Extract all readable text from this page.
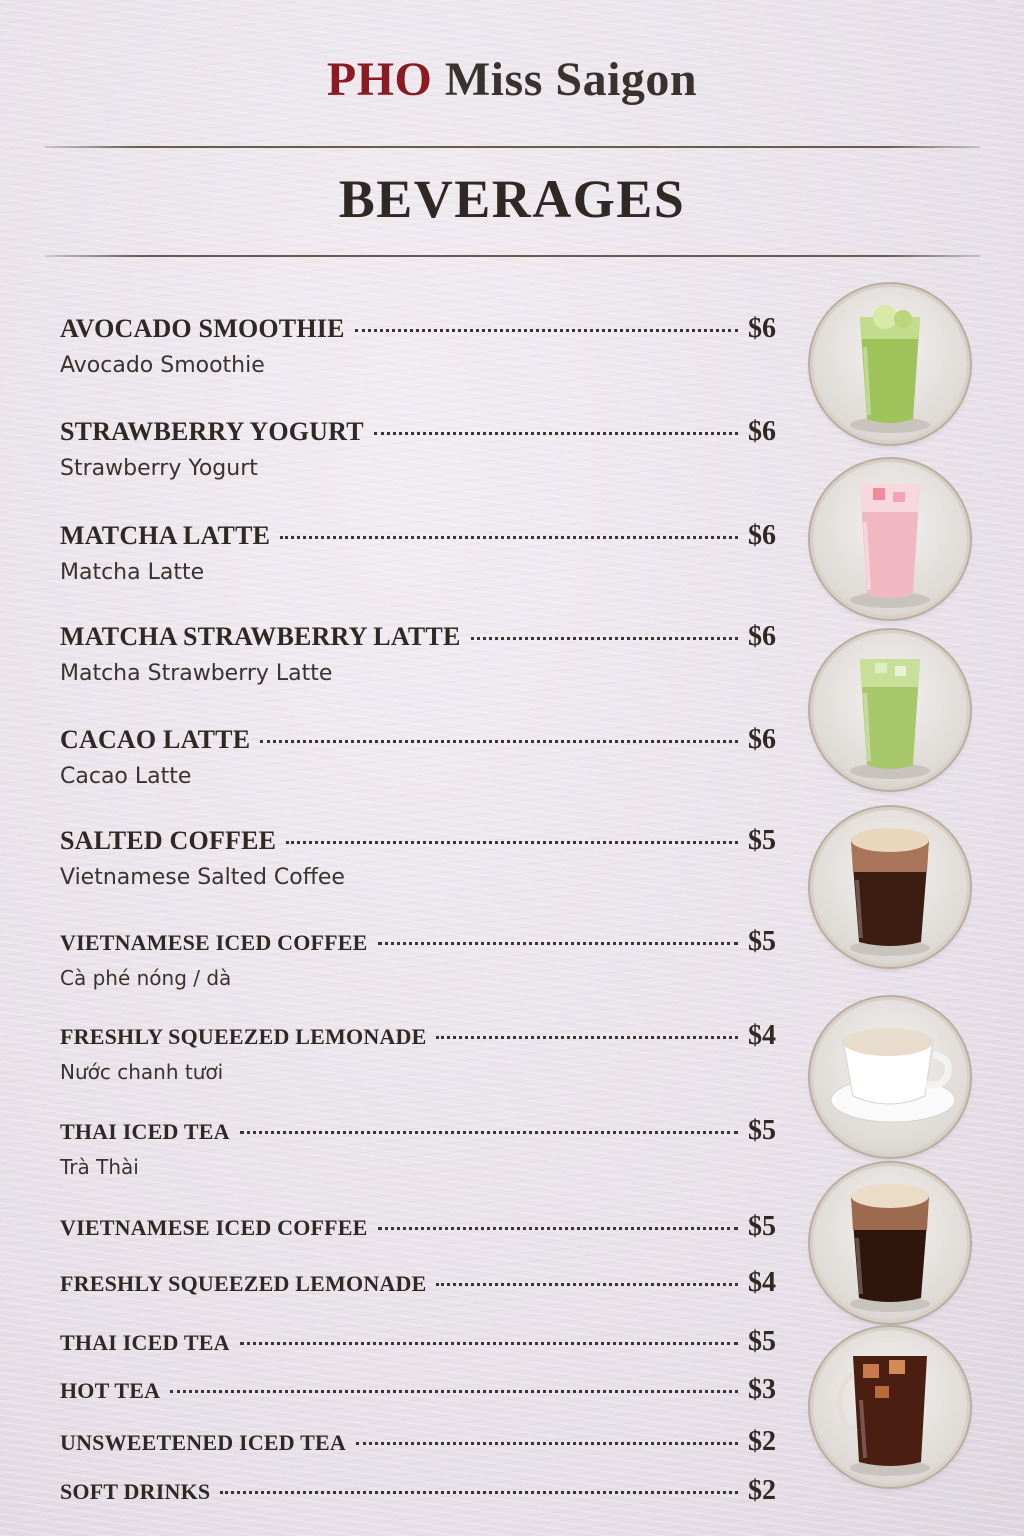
PHO Miss Saigon
BEVERAGES
AVOCADO SMOOTHIE	$6
Avocado Smoothie
STRAWBERRY YOGURT	$6
Strawberry Yogurt
MATCHA LATTE	$6
Matcha Latte
MATCHA STRAWBERRY LATTE	$6
Matcha Strawberry Latte
CACAO LATTE	$6
Cacao Latte
SALTED COFFEE	$5
Vietnamese Salted Coffee
VIETNAMESE ICED COFFEE	$5
Cà phé nóng / dà
FRESHLY SQUEEZED LEMONADE	$4
Nước chanh tươi
THAI ICED TEA	$5
Trà Thài
VIETNAMESE ICED COFFEE	$5
FRESHLY SQUEEZED LEMONADE	$4
THAI ICED TEA	$5
HOT TEA	$3
UNSWEETENED ICED TEA	$2
SOFT DRINKS	$2
